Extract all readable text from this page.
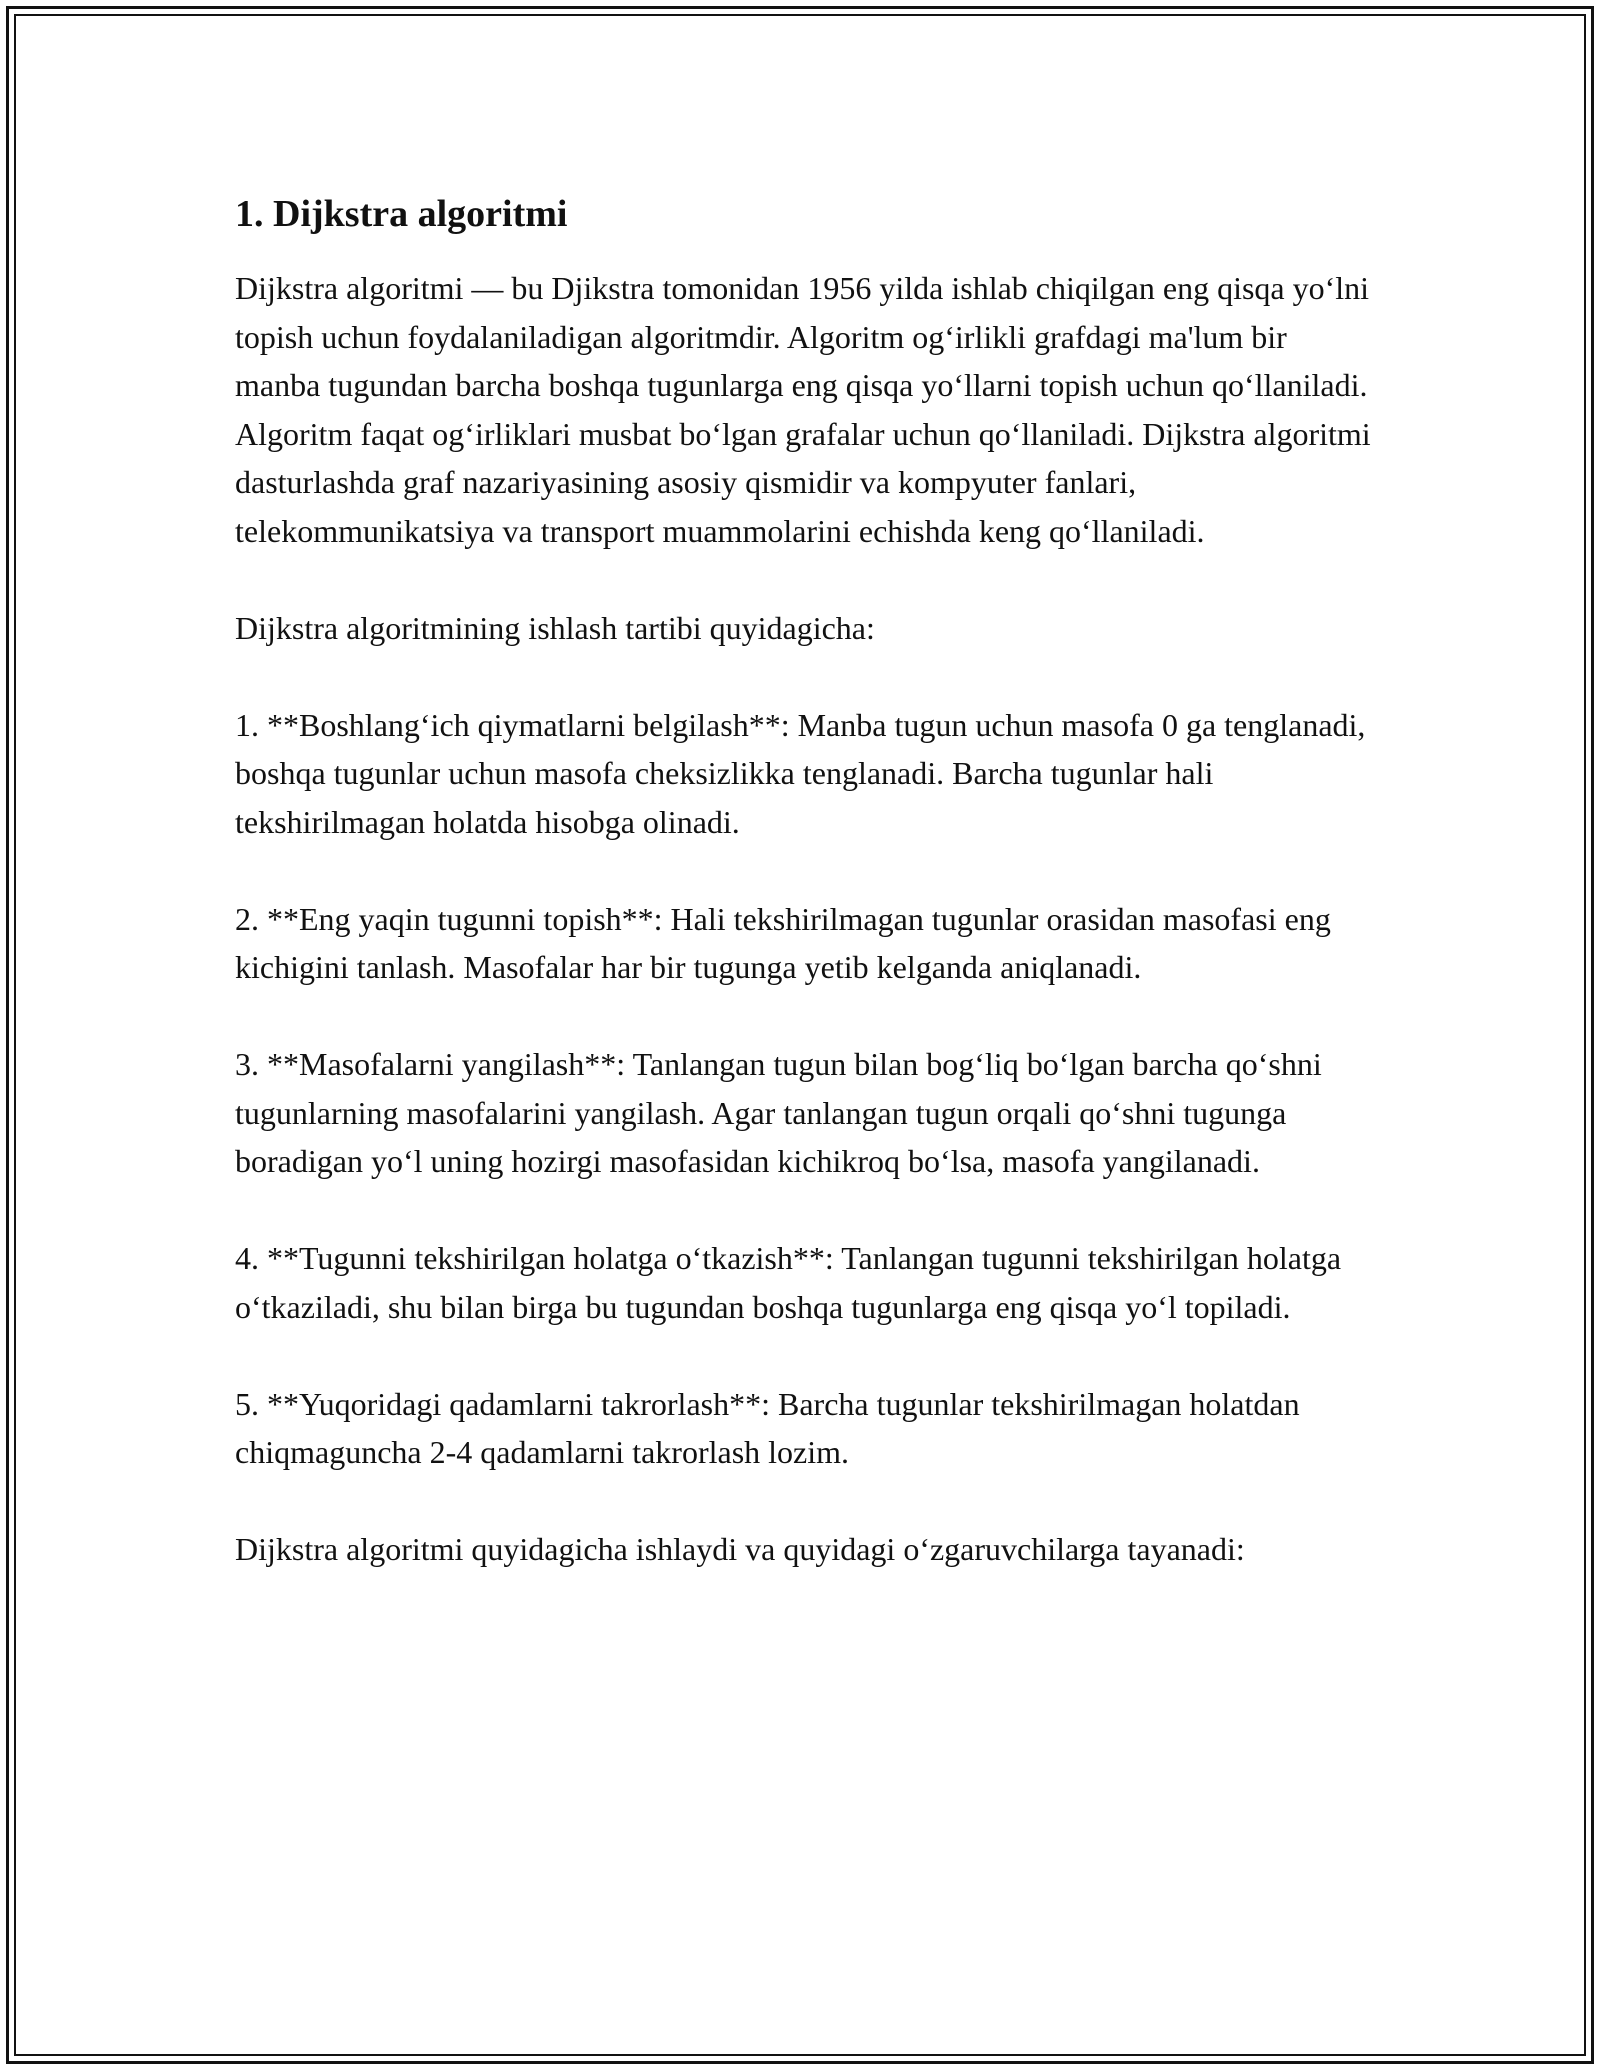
1. Dijkstra algoritmi

Dijkstra algoritmi — bu Djikstra tomonidan 1956 yilda ishlab chiqilgan eng qisqa yo‘lni topish uchun foydalaniladigan algoritmdir. Algoritm og‘irlikli grafdagi ma'lum bir manba tugundan barcha boshqa tugunlarga eng qisqa yo‘llarni topish uchun qo‘llaniladi. Algoritm faqat og‘irliklari musbat bo‘lgan grafalar uchun qo‘llaniladi. Dijkstra algoritmi dasturlashda graf nazariyasining asosiy qismidir va kompyuter fanlari, telekommunikatsiya va transport muammolarini echishda keng qo‘llaniladi.

Dijkstra algoritmining ishlash tartibi quyidagicha:

1. **Boshlang‘ich qiymatlarni belgilash**: Manba tugun uchun masofa 0 ga tenglanadi, boshqa tugunlar uchun masofa cheksizlikka tenglanadi. Barcha tugunlar hali tekshirilmagan holatda hisobga olinadi.

2. **Eng yaqin tugunni topish**: Hali tekshirilmagan tugunlar orasidan masofasi eng kichigini tanlash. Masofalar har bir tugunga yetib kelganda aniqlanadi.

3. **Masofalarni yangilash**: Tanlangan tugun bilan bog‘liq bo‘lgan barcha qo‘shni tugunlarning masofalarini yangilash. Agar tanlangan tugun orqali qo‘shni tugunga boradigan yo‘l uning hozirgi masofasidan kichikroq bo‘lsa, masofa yangilanadi.

4. **Tugunni tekshirilgan holatga o‘tkazish**: Tanlangan tugunni tekshirilgan holatga o‘tkaziladi, shu bilan birga bu tugundan boshqa tugunlarga eng qisqa yo‘l topiladi.

5. **Yuqoridagi qadamlarni takrorlash**: Barcha tugunlar tekshirilmagan holatdan chiqmaguncha 2-4 qadamlarni takrorlash lozim.

Dijkstra algoritmi quyidagicha ishlaydi va quyidagi o‘zgaruvchilarga tayanadi:
